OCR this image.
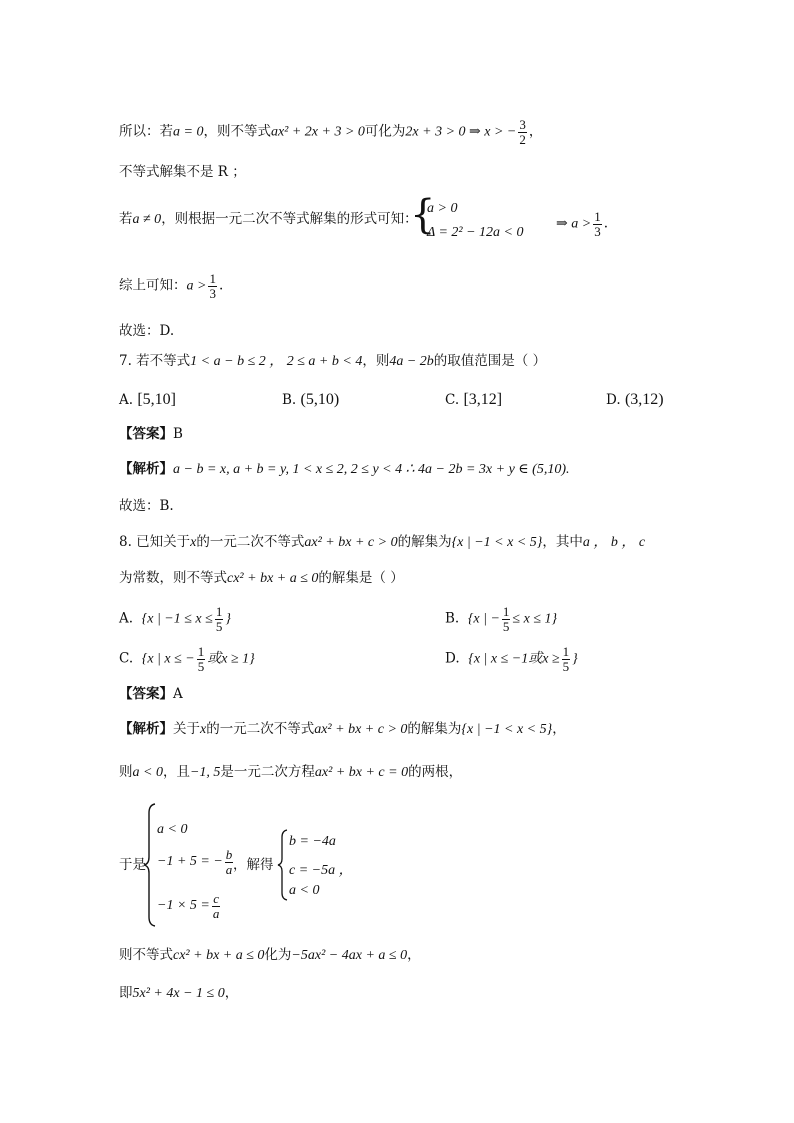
所以：若a = 0，则不等式ax² + 2x + 3 > 0可化为2x + 3 > 0 ⇒ x > − $\frac{3}{2}$ ，
不等式解集不是 R ；
若a ≠ 0，则根据一元二次不等式解集的形式可知：
{
a > 0
Δ = 2² − 12a < 0
⇒ $a > \frac{1}{3}$ .
综上可知：$a > \frac{1}{3}$ .
故选：D.
7. 若不等式1 < a − b ≤ 2 ， 2 ≤ a + b < 4，则4a − 2b的取值范围是（ ）
A. [5,10]	B. (5,10)	C. [3,12]	D. (3,12)
【答案】B
【解析】a − b = x, a + b = y, 1 < x ≤ 2, 2 ≤ y < 4 ∴ 4a − 2b = 3x + y ∈ (5,10).
故选：B.
8. 已知关于x的一元二次不等式ax² + bx + c > 0的解集为{x | −1 < x < 5}，其中a ， b ， c
为常数，则不等式cx² + bx + a ≤ 0的解集是（ ）
A. {x | $-1 \le x \le \frac{1}{5}$ }	B. {x | − $\frac{1}{5} \le x \le 1$}
C. {x | x ≤ − $\frac{1}{5}$ 或x ≥ 1}	D. {x | x ≤ −1或$x \ge \frac{1}{5}$ }
【答案】A
【解析】关于x的一元二次不等式ax² + bx + c > 0的解集为{x | −1 < x < 5}，
则a < 0，且−1, 5是一元二次方程ax² + bx + c = 0的两根，
于是
a < 0
−1 + 5 = − $\frac{b}{a}$
$-1 \times 5 = \frac{c}{a}$
，解得
b = −4a
c = −5a ，
a < 0
则不等式cx² + bx + a ≤ 0化为−5ax² − 4ax + a ≤ 0，
即5x² + 4x − 1 ≤ 0，
